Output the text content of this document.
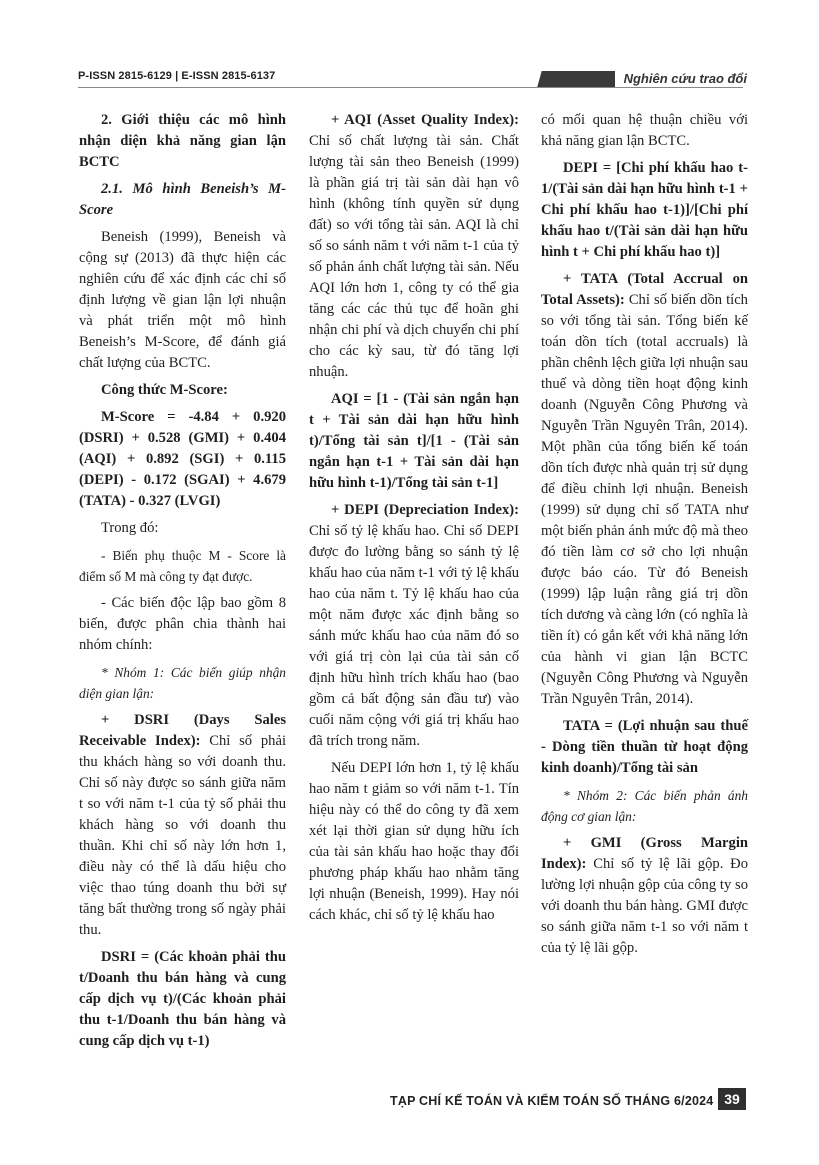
P-ISSN 2815-6129 | E-ISSN 2815-6137	Nghiên cứu trao đổi
2. Giới thiệu các mô hình nhận diện khả năng gian lận BCTC

2.1. Mô hình Beneish’s M-Score

Beneish (1999), Beneish và cộng sự (2013) đã thực hiện các nghiên cứu để xác định các chỉ số định lượng về gian lận lợi nhuận và phát triển một mô hình Beneish’s M-Score, để đánh giá chất lượng của BCTC.

Công thức M-Score:

M-Score = -4.84 + 0.920 (DSRI) + 0.528 (GMI) + 0.404 (AQI) + 0.892 (SGI) + 0.115 (DEPI) - 0.172 (SGAI) + 4.679 (TATA) - 0.327 (LVGI)

Trong đó:

- Biến phụ thuộc M - Score là điểm số M mà công ty đạt được.

- Các biến độc lập bao gồm 8 biến, được phân chia thành hai nhóm chính:

* Nhóm 1: Các biến giúp nhận diện gian lận:

+ DSRI (Days Sales Receivable Index): Chỉ số phải thu khách hàng so với doanh thu. Chỉ số này được so sánh giữa năm t so với năm t-1 của tỷ số phải thu khách hàng so với doanh thu thuần. Khi chỉ số này lớn hơn 1, điều này có thể là dấu hiệu cho việc thao túng doanh thu bởi sự tăng bất thường trong số ngày phải thu.

DSRI = (Các khoản phải thu t/Doanh thu bán hàng và cung cấp dịch vụ t)/(Các khoản phải thu t-1/Doanh thu bán hàng và cung cấp dịch vụ t-1)

+ AQI (Asset Quality Index): Chỉ số chất lượng tài sản. Chất lượng tài sản theo Beneish (1999) là phần giá trị tài sản dài hạn vô hình (không tính quyền sử dụng đất) so với tổng tài sản. AQI là chỉ số so sánh năm t với năm t-1 của tỷ số phản ánh chất lượng tài sản. Nếu AQI lớn hơn 1, công ty có thể gia tăng các các thủ tục để hoãn ghi nhận chi phí và dịch chuyển chi phí cho các kỳ sau, từ đó tăng lợi nhuận.

AQI = [1 - (Tài sản ngắn hạn t + Tài sản dài hạn hữu hình t)/Tổng tài sản t]/[1 - (Tài sản ngắn hạn t-1 + Tài sản dài hạn hữu hình t-1)/Tổng tài sản t-1]

+ DEPI (Depreciation Index): Chỉ số tỷ lệ khấu hao. Chỉ số DEPI được đo lường bằng so sánh tỷ lệ khấu hao của năm t-1 với tỷ lệ khấu hao của năm t. Tỷ lệ khấu hao của một năm được xác định bằng so sánh mức khấu hao của năm đó so với giá trị còn lại của tài sản cố định hữu hình trích khấu hao (bao gồm cả bất động sản đầu tư) vào cuối năm cộng với giá trị khấu hao đã trích trong năm.

Nếu DEPI lớn hơn 1, tỷ lệ khấu hao năm t giảm so với năm t-1. Tín hiệu này có thể do công ty đã xem xét lại thời gian sử dụng hữu ích của tài sản khấu hao hoặc thay đổi phương pháp khấu hao nhằm tăng lợi nhuận (Beneish, 1999). Hay nói cách khác, chỉ số tỷ lệ khấu hao

có mối quan hệ thuận chiều với khả năng gian lận BCTC.

DEPI = [Chi phí khấu hao t-1/(Tài sản dài hạn hữu hình t-1 + Chi phí khấu hao t-1)]/[Chi phí khấu hao t/(Tài sản dài hạn hữu hình t + Chi phí khấu hao t)]

+ TATA (Total Accrual on Total Assets): Chỉ số biến dồn tích so với tổng tài sản. Tổng biến kế toán dồn tích (total accruals) là phần chênh lệch giữa lợi nhuận sau thuế và dòng tiền hoạt động kinh doanh (Nguyễn Công Phương và Nguyễn Trần Nguyên Trân, 2014). Một phần của tổng biến kế toán dồn tích được nhà quản trị sử dụng để điều chỉnh lợi nhuận. Beneish (1999) sử dụng chỉ số TATA như một biến phản ánh mức độ mà theo đó tiền làm cơ sở cho lợi nhuận được báo cáo. Từ đó Beneish (1999) lập luận rằng giá trị dồn tích dương và càng lớn (có nghĩa là tiền ít) có gắn kết với khả năng lớn của hành vi gian lận BCTC (Nguyễn Công Phương và Nguyễn Trần Nguyên Trân, 2014).

TATA = (Lợi nhuận sau thuế - Dòng tiền thuần từ hoạt động kinh doanh)/Tổng tài sản

* Nhóm 2: Các biến phản ánh động cơ gian lận:

+ GMI (Gross Margin Index): Chỉ số tỷ lệ lãi gộp. Đo lường lợi nhuận gộp của công ty so với doanh thu bán hàng. GMI được so sánh giữa năm t-1 so với năm t của tỷ lệ lãi gộp.

TẠP CHÍ KẾ TOÁN VÀ KIỂM TOÁN SỐ THÁNG 6/2024 39
